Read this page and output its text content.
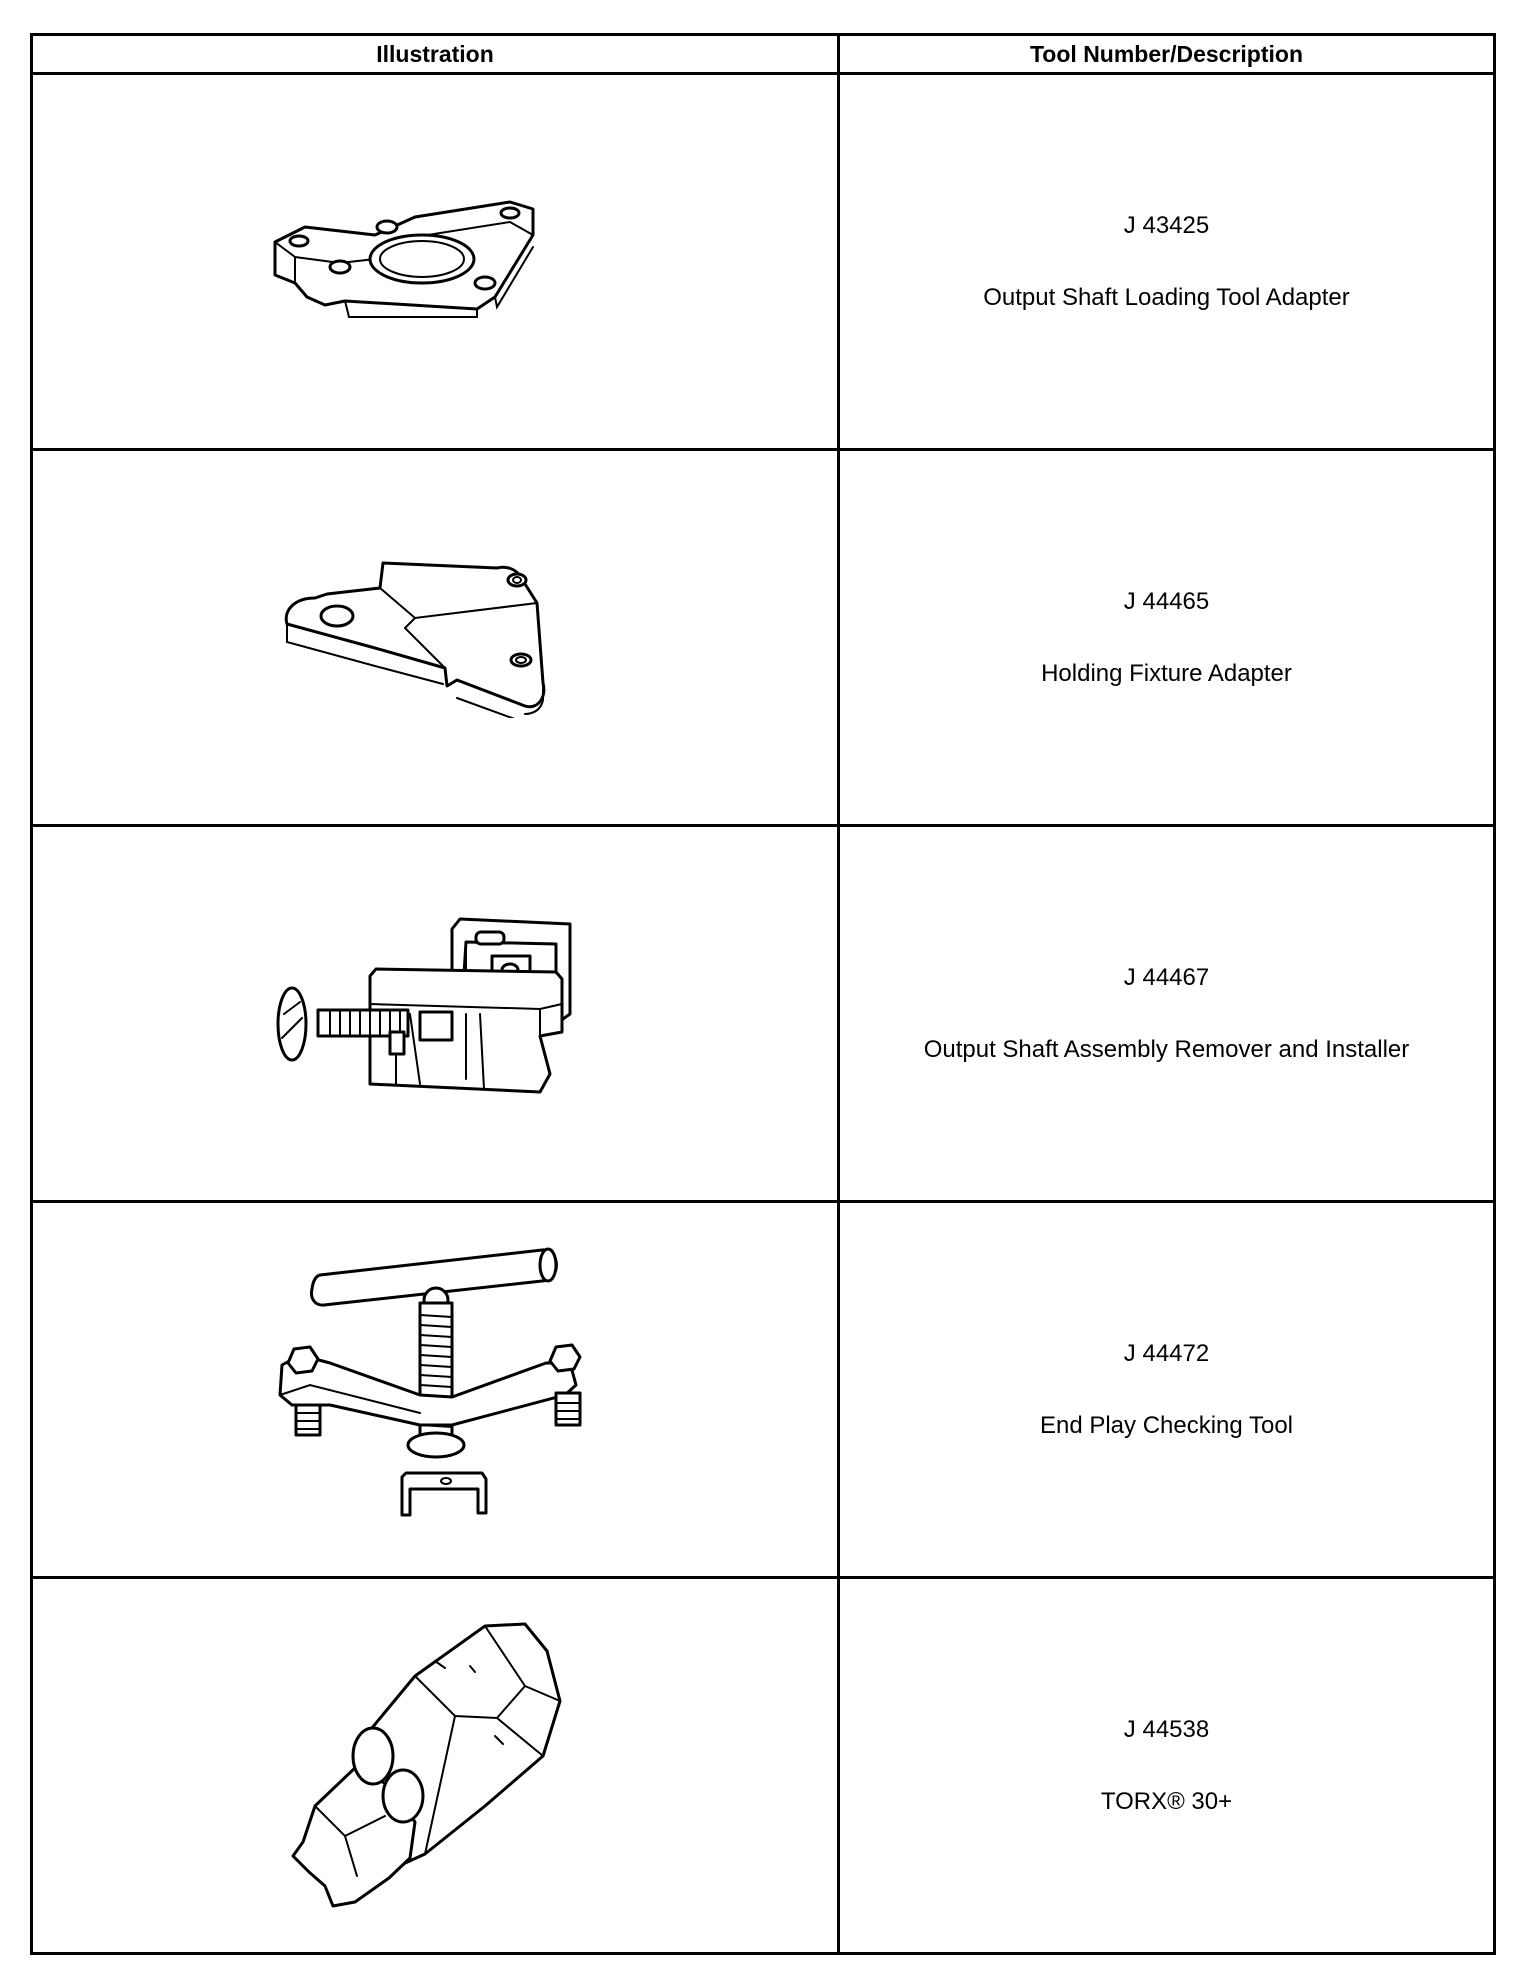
Illustration	Tool Number/Description

J 43425
Output Shaft Loading Tool Adapter

J 44465
Holding Fixture Adapter

J 44467
Output Shaft Assembly Remover and Installer

J 44472
End Play Checking Tool

J 44538
TORX® 30+
